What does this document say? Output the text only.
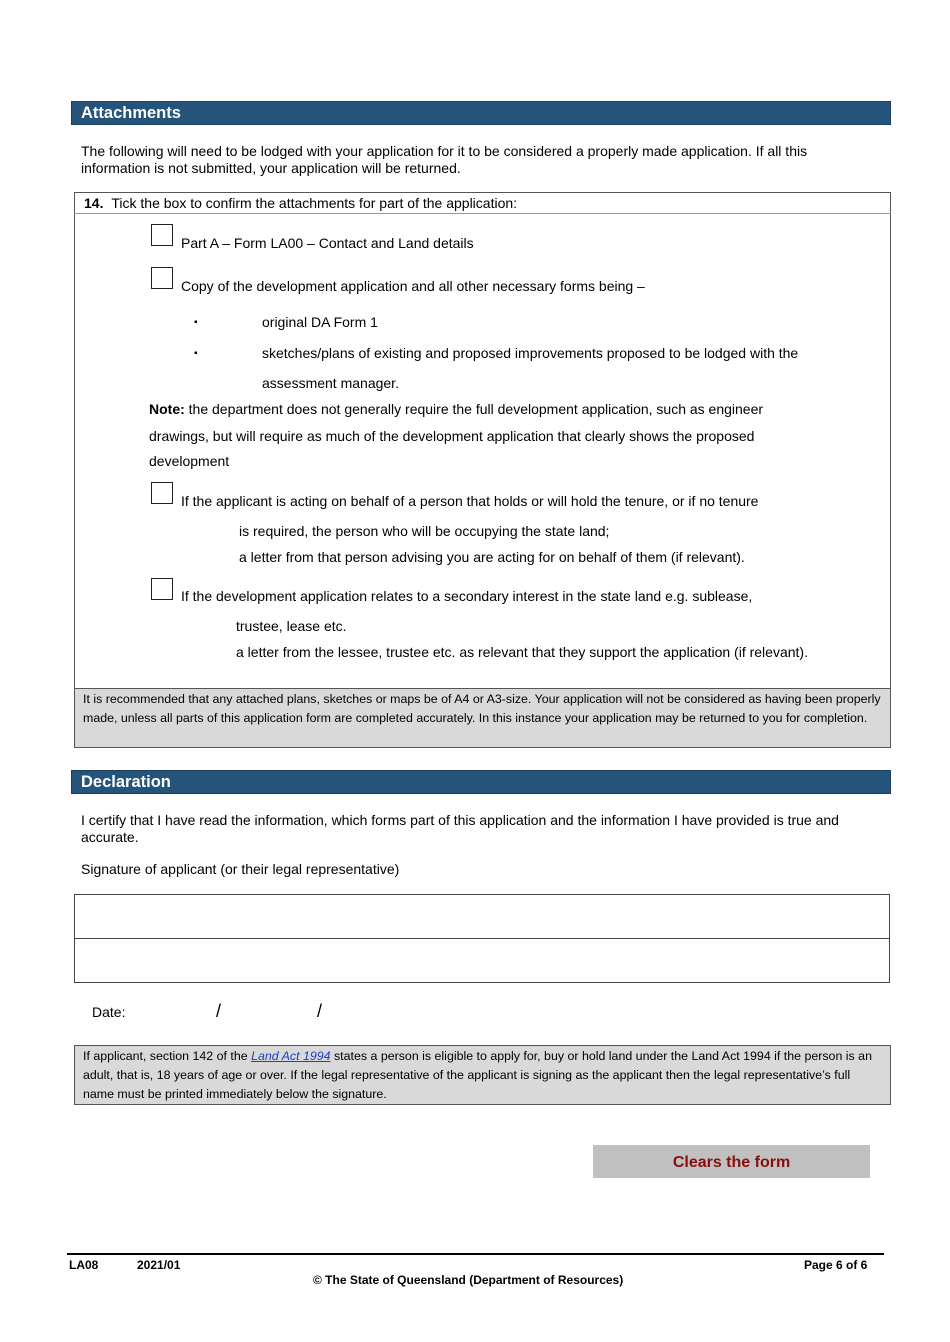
Attachments
The following will need to be lodged with your application for it to be considered a properly made application. If all this information is not submitted, your application will be returned.
14. Tick the box to confirm the attachments for part of the application:
Part A – Form LA00 – Contact and Land details
Copy of the development application and all other necessary forms being –
▪	original DA Form 1
▪	sketches/plans of existing and proposed improvements proposed to be lodged with the
assessment manager.
Note: the department does not generally require the full development application, such as engineer
drawings, but will require as much of the development application that clearly shows the proposed
development
If the applicant is acting on behalf of a person that holds or will hold the tenure, or if no tenure
is required, the person who will be occupying the state land;
a letter from that person advising you are acting for on behalf of them (if relevant).
If the development application relates to a secondary interest in the state land e.g. sublease,
trustee, lease etc.
a letter from the lessee, trustee etc. as relevant that they support the application (if relevant).
It is recommended that any attached plans, sketches or maps be of A4 or A3-size. Your application will not be considered as having been properly made, unless all parts of this application form are completed accurately. In this instance your application may be returned to you for completion.
Declaration
I certify that I have read the information, which forms part of this application and the information I have provided is true and accurate.
Signature of applicant (or their legal representative)
Date:	/	/
If applicant, section 142 of the Land Act 1994 states a person is eligible to apply for, buy or hold land under the Land Act 1994 if the person is an adult, that is, 18 years of age or over. If the legal representative of the applicant is signing as the applicant then the legal representative’s full name must be printed immediately below the signature.
Clears the form
LA08	2021/01	Page 6 of 6
© The State of Queensland (Department of Resources)
